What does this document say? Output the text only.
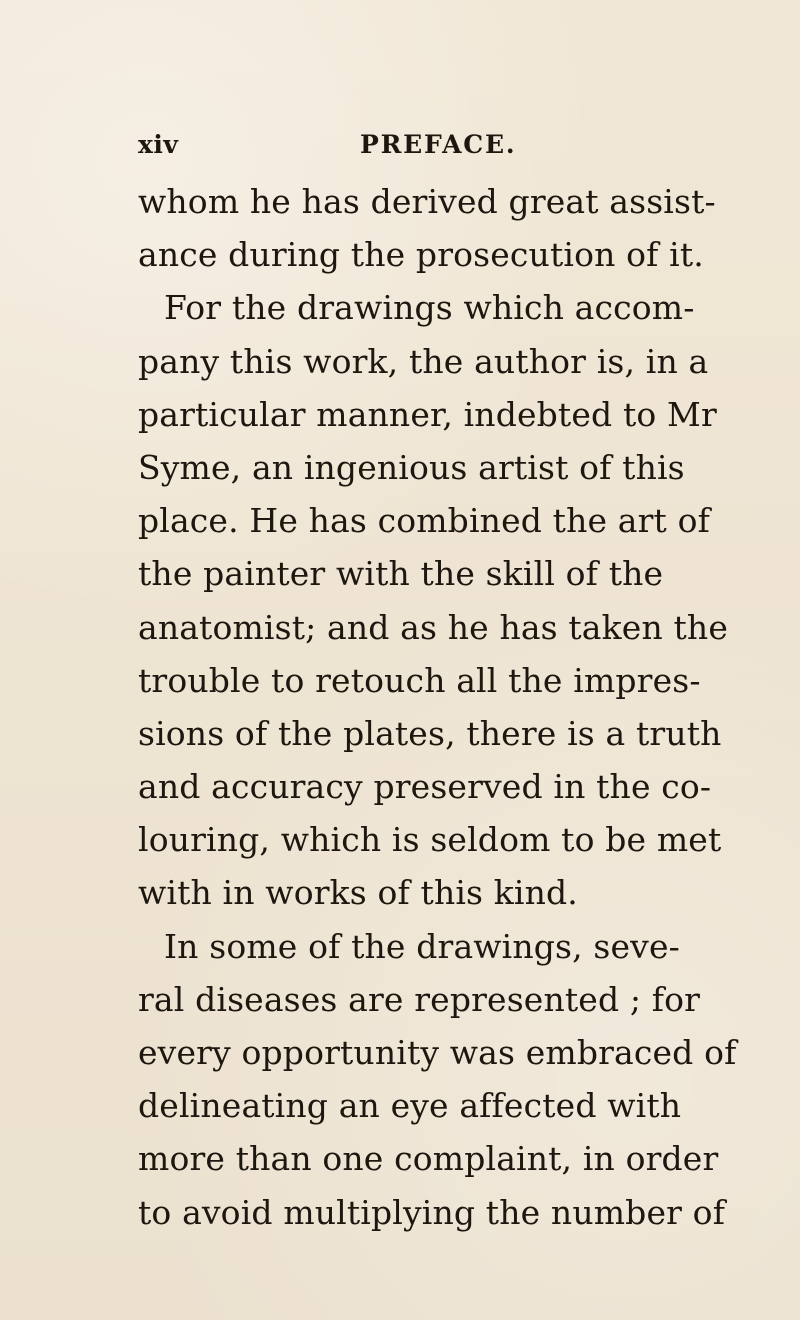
xiv	PREFACE.
whom he has derived great assist-
ance during the prosecution of it.
For the drawings which accom-
pany this work, the author is, in a
particular manner, indebted to Mr
Syme, an ingenious artist of this
place. He has combined the art of
the painter with the skill of the
anatomist; and as he has taken the
trouble to retouch all the impres-
sions of the plates, there is a truth
and accuracy preserved in the co-
louring, which is seldom to be met
with in works of this kind.
In some of the drawings, seve-
ral diseases are represented ; for
every opportunity was embraced of
delineating an eye affected with
more than one complaint, in order
to avoid multiplying the number of
